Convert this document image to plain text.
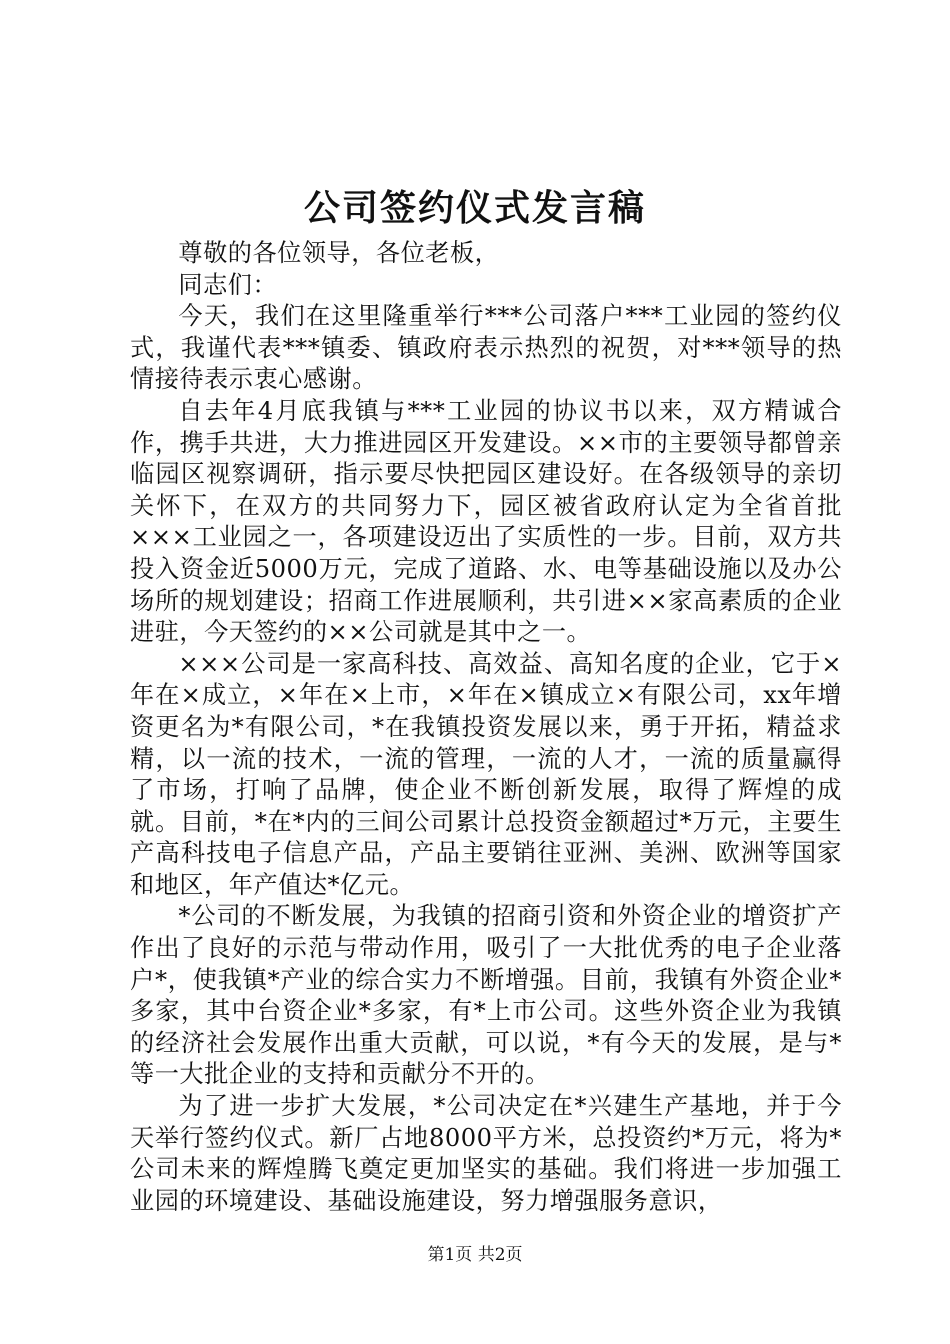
公司签约仪式发言稿

尊敬的各位领导，各位老板，

同志们：

今天，我们在这里隆重举行***公司落户***工业园的签约仪式，我谨代表***镇委、镇政府表示热烈的祝贺，对***领导的热情接待表示衷心感谢。

自去年4月底我镇与***工业园的协议书以来，双方精诚合作，携手共进，大力推进园区开发建设。××市的主要领导都曾亲临园区视察调研，指示要尽快把园区建设好。在各级领导的亲切关怀下，在双方的共同努力下，园区被省政府认定为全省首批×××工业园之一，各项建设迈出了实质性的一步。目前，双方共投入资金近5000万元，完成了道路、水、电等基础设施以及办公场所的规划建设；招商工作进展顺利，共引进××家高素质的企业进驻，今天签约的××公司就是其中之一。

×××公司是一家高科技、高效益、高知名度的企业，它于×年在×成立，×年在×上市，×年在×镇成立×有限公司，xx年增资更名为*有限公司，*在我镇投资发展以来，勇于开拓，精益求精，以一流的技术，一流的管理，一流的人才，一流的质量赢得了市场，打响了品牌，使企业不断创新发展，取得了辉煌的成就。目前，*在*内的三间公司累计总投资金额超过*万元，主要生产高科技电子信息产品，产品主要销往亚洲、美洲、欧洲等国家和地区，年产值达*亿元。

*公司的不断发展，为我镇的招商引资和外资企业的增资扩产作出了良好的示范与带动作用，吸引了一大批优秀的电子企业落户*，使我镇*产业的综合实力不断增强。目前，我镇有外资企业*多家，其中台资企业*多家，有*上市公司。这些外资企业为我镇的经济社会发展作出重大贡献，可以说，*有今天的发展，是与*等一大批企业的支持和贡献分不开的。

为了进一步扩大发展，*公司决定在*兴建生产基地，并于今天举行签约仪式。新厂占地8000平方米，总投资约*万元，将为*公司未来的辉煌腾飞奠定更加坚实的基础。我们将进一步加强工业园的环境建设、基础设施建设，努力增强服务意识，

第1页 共2页
